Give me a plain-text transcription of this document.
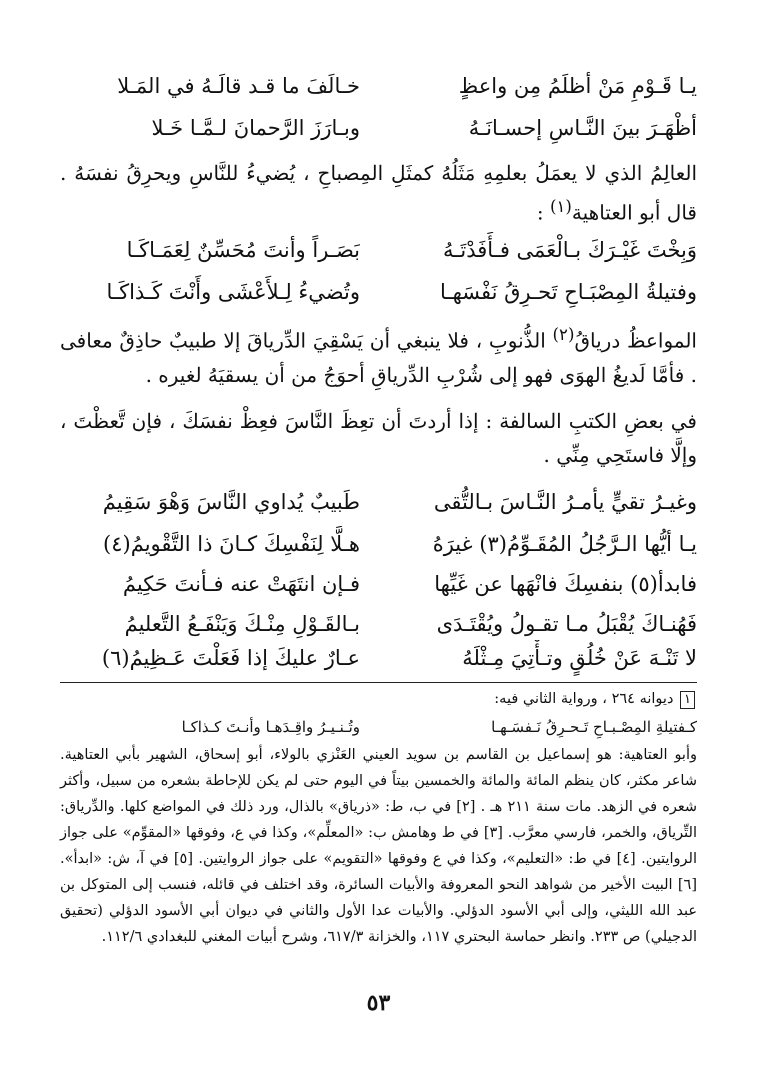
يـا قَـوْمِ مَنْ أظلَمُ مِن واعظٍ
خـالَفَ ما قـد قالَـهُ في المَـلا
أظْهَـرَ بينَ النَّـاسِ إحسـانَـهُ
وبـارَزَ الرَّحمانَ لـمَّـا خَـلا

العالِمُ الذي لا يعمَلُ بعلمِهِ مَثَلُهُ كمثَلِ المِصباحِ ، يُضيءُ للنَّاسِ ويحرِقُ نفسَهُ . قال أبو العتاهية$^{(١)}$ :

وَبِخْتَ غَيْـرَكَ بـالْعَمَى فـأَفَدْتَـهُ
بَصَـراً وأنتَ مُحَسِّنٌ لِعَمَـاكَـا
وفتيلةُ المِصْبَـاحِ تَحـرِقُ نَفْسَهـا
وتُضيءُ لِـلأَعْشَى وأَنْتَ كَـذاكَـا

المواعظُ درياقُ$^{(٢)}$ الذُّنوبِ ، فلا ينبغي أن يَسْقِيَ الدِّرياقَ إلا طبيبٌ حاذِقٌ معافى . فأمَّا لَديغُ الهوَى فهو إلى شُرْبِ الدِّرياقِ أحوَجُ من أن يسقيَهُ لغيره .

في بعضِ الكتبِ السالفة : إذا أردتَ أن تعِظَ النَّاسَ فعِظْ نفسَكَ ، فإن تَّعظْتَ ، وإلَّا فاستَحِي مِنِّي .

وغيـرُ تقيٍّ يأمـرُ النَّـاسَ بـالتُّقى
طَبيبٌ يُداوي النَّاسَ وَهْوَ سَقِيمُ
يـا أيُّها الـرَّجُلُ المُقَـوِّمُ(٣) غيرَهُ
هـلَّا لِنَفْسِكَ كـانَ ذا التَّقْويمُ(٤)
فابدأ(٥) بنفسِكَ فانْهَها عن غَيِّها
فـإن انتَهَتْ عنه فـأنتَ حَكِيمُ
فَهُنـاكَ يُقْبَلُ مـا تقـولُ ويُقْتَـدَى
بـالقَـوْلِ مِنْـكَ وَيَنْفَـعُ التَّعليمُ
لا تَنْـهَ عَنْ خُلُقٍ وتـأْتِيَ مِـثْلَهُ
عـارٌ عليكَ إذا فَعَلْتَ عَـظِيمُ(٦)

١ ديوانه ٢٦٤ ، ورواية الثاني فيه:

كـفتيلةِ المِصْـبـاحِ تَـحـرِقُ نَـفسَـهـا
وتُـنـيـرُ واقِـدَهـا وأنـتَ كـذاكـا

وأبو العتاهية: هو إسماعيل بن القاسم بن سويد العيني العَنْزي بالولاء، أبو إسحاق، الشهير بأبي العتاهية. شاعر مكثر، كان ينظم المائة والمائة والخمسين بيتاً في اليوم حتى لم يكن للإحاطة بشعره من سبيل، وأكثر شعره في الزهد. مات سنة ٢١١ هـ . [٢] في ب، ط: «ذرياق» بالذال، ورد ذلك في المواضع كلها. والدِّرياق: التِّرياق، والخمر، فارسي معرَّب. [٣] في ط وهامش ب: «المعلِّم»، وكذا في ع، وفوقها «المقوِّم» على جواز الروايتين. [٤] في ط: «التعليم»، وكذا في ع وفوقها «التقويم» على جواز الروايتين. [٥] في آ، ش: «ابدأ». [٦] البيت الأخير من شواهد النحو المعروفة والأبيات السائرة، وقد اختلف في قائله، فنسب إلى المتوكل بن عبد الله الليثي، وإلى أبي الأسود الدؤلي. والأبيات عدا الأول والثاني في ديوان أبي الأسود الدؤلي (تحقيق الدجيلي) ص ٢٣٣. وانظر حماسة البحتري ١١٧، والخزانة ٦١٧/٣، وشرح أبيات المغني للبغدادي ١١٢/٦.

٥٣
